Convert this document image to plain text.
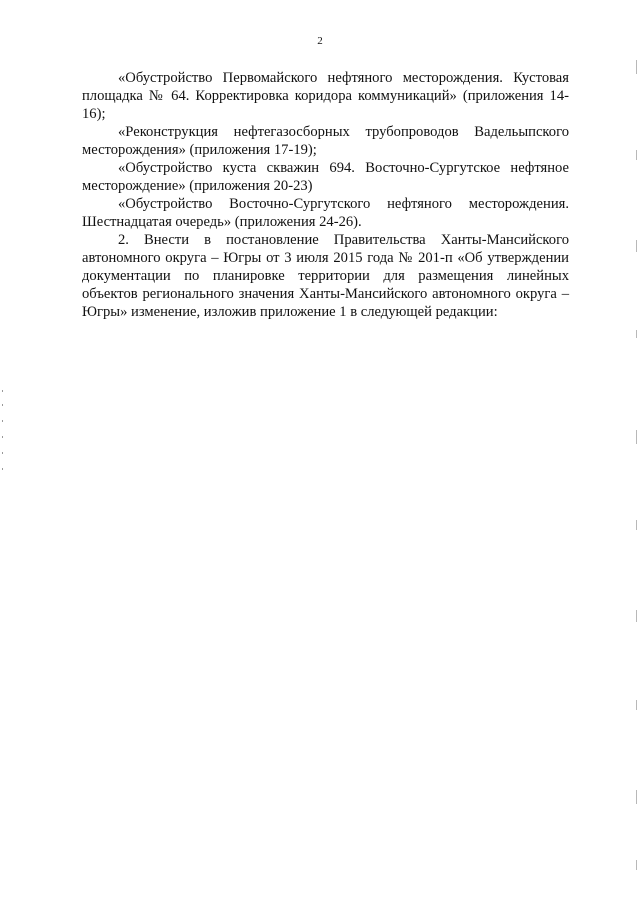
2

«Обустройство Первомайского нефтяного месторождения. Кустовая площадка № 64. Корректировка коридора коммуникаций» (приложения 14-16);

«Реконструкция нефтегазосборных трубопроводов Вадельыпского месторождения» (приложения 17-19);

«Обустройство куста скважин 694. Восточно-Сургутское нефтяное месторождение» (приложения 20-23)

«Обустройство Восточно-Сургутского нефтяного месторождения. Шестнадцатая очередь» (приложения 24-26).

2. Внести в постановление Правительства Ханты-Мансийского автономного округа – Югры от 3 июля 2015 года № 201-п «Об утверждении документации по планировке территории для размещения линейных объектов регионального значения Ханты-Мансийского автономного округа – Югры» изменение, изложив приложение 1 в следующей редакции:
